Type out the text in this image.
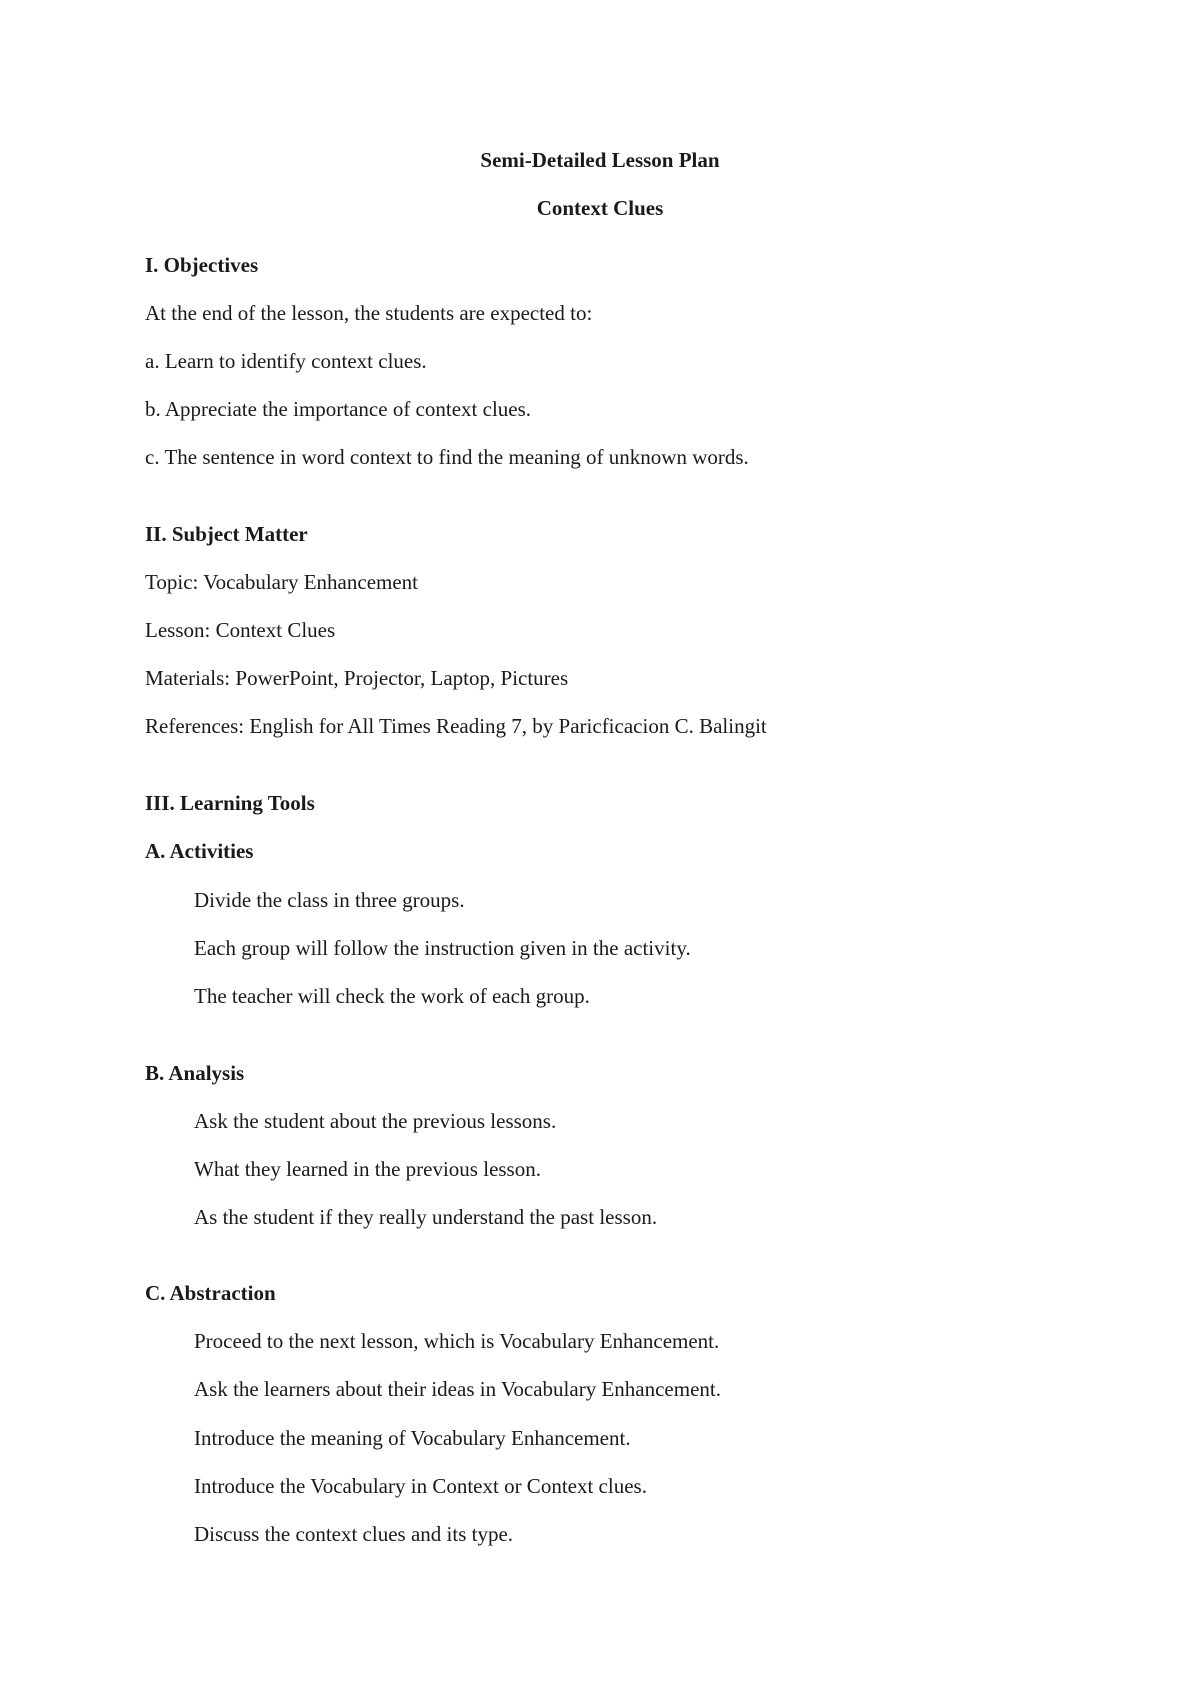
Semi-Detailed Lesson Plan
Context Clues
I. Objectives
At the end of the lesson, the students are expected to:
a. Learn to identify context clues.
b. Appreciate the importance of context clues.
c. The sentence in word context to find the meaning of unknown words.
II. Subject Matter
Topic: Vocabulary Enhancement
Lesson: Context Clues
Materials: PowerPoint, Projector, Laptop, Pictures
References: English for All Times Reading 7, by Paricficacion C. Balingit
III. Learning Tools
A. Activities
Divide the class in three groups.
Each group will follow the instruction given in the activity.
The teacher will check the work of each group.
B. Analysis
Ask the student about the previous lessons.
What they learned in the previous lesson.
As the student if they really understand the past lesson.
C. Abstraction
Proceed to the next lesson, which is Vocabulary Enhancement.
Ask the learners about their ideas in Vocabulary Enhancement.
Introduce the meaning of Vocabulary Enhancement.
Introduce the Vocabulary in Context or Context clues.
Discuss the context clues and its type.
